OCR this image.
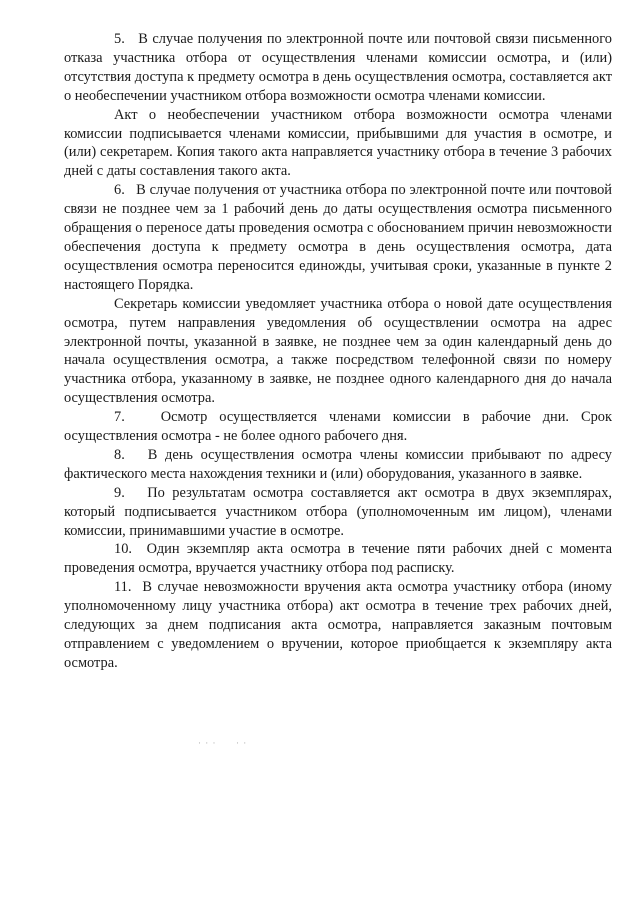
5.   В случае получения по электронной почте или почтовой связи письменного отказа участника отбора от осуществления членами комиссии осмотра, и (или) отсутствия доступа к предмету осмотра в день осуществления осмотра, составляется акт о необеспечении участником отбора возможности осмотра членами комиссии.

Акт о необеспечении участником отбора возможности осмотра членами комиссии подписывается членами комиссии, прибывшими для участия в осмотре, и (или) секретарем. Копия такого акта направляется участнику отбора в течение 3 рабочих дней с даты составления такого акта.

6.   В случае получения от участника отбора по электронной почте или почтовой связи не позднее чем за 1 рабочий день до даты осуществления осмотра письменного обращения о переносе даты проведения осмотра с обоснованием причин невозможности обеспечения доступа к предмету осмотра в день осуществления осмотра, дата осуществления осмотра переносится единожды, учитывая сроки, указанные в пункте 2 настоящего Порядка.

Секретарь комиссии уведомляет участника отбора о новой дате осуществления осмотра, путем направления уведомления об осуществлении осмотра на адрес электронной почты, указанной в заявке, не позднее чем за один календарный день до начала осуществления осмотра, а также посредством телефонной связи по номеру участника отбора, указанному в заявке, не позднее одного календарного дня до начала осуществления осмотра.

7.   Осмотр осуществляется членами комиссии в рабочие дни. Срок осуществления осмотра - не более одного рабочего дня.

8.   В день осуществления осмотра члены комиссии прибывают по адресу фактического места нахождения техники и (или) оборудования, указанного в заявке.

9.   По результатам осмотра составляется акт осмотра в двух экземплярах, который подписывается участником отбора (уполномоченным им лицом), членами комиссии, принимавшими участие в осмотре.

10.  Один экземпляр акта осмотра в течение пяти рабочих дней с момента проведения осмотра, вручается участнику отбора под расписку.

11.  В случае невозможности вручения акта осмотра участнику отбора (иному уполномоченному лицу участника отбора) акт осмотра в течение трех рабочих дней, следующих за днем подписания акта осмотра, направляется заказным почтовым отправлением с уведомлением о вручении, которое приобщается к экземпляру акта осмотра.

· · ·      · ·
